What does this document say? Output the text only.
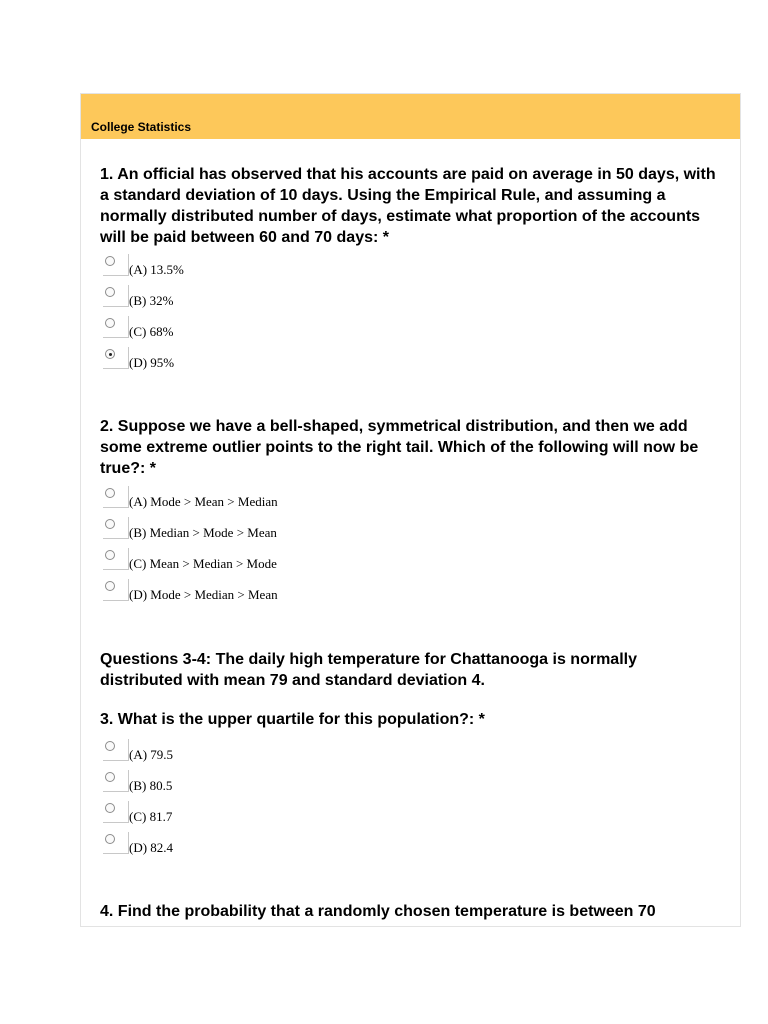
College Statistics
1. An official has observed that his accounts are paid on average in 50 days, with a standard deviation of 10 days. Using the Empirical Rule, and assuming a normally distributed number of days, estimate what proportion of the accounts will be paid between 60 and 70 days: *
(A) 13.5%
(B) 32%
(C) 68%
(D) 95%
2. Suppose we have a bell-shaped, symmetrical distribution, and then we add some extreme outlier points to the right tail. Which of the following will now be true?: *
(A) Mode > Mean > Median
(B) Median > Mode > Mean
(C) Mean > Median > Mode
(D) Mode > Median > Mean
Questions 3-4: The daily high temperature for Chattanooga is normally distributed with mean 79 and standard deviation 4.
3. What is the upper quartile for this population?: *
(A) 79.5
(B) 80.5
(C) 81.7
(D) 82.4
4. Find the probability that a randomly chosen temperature is between 70
